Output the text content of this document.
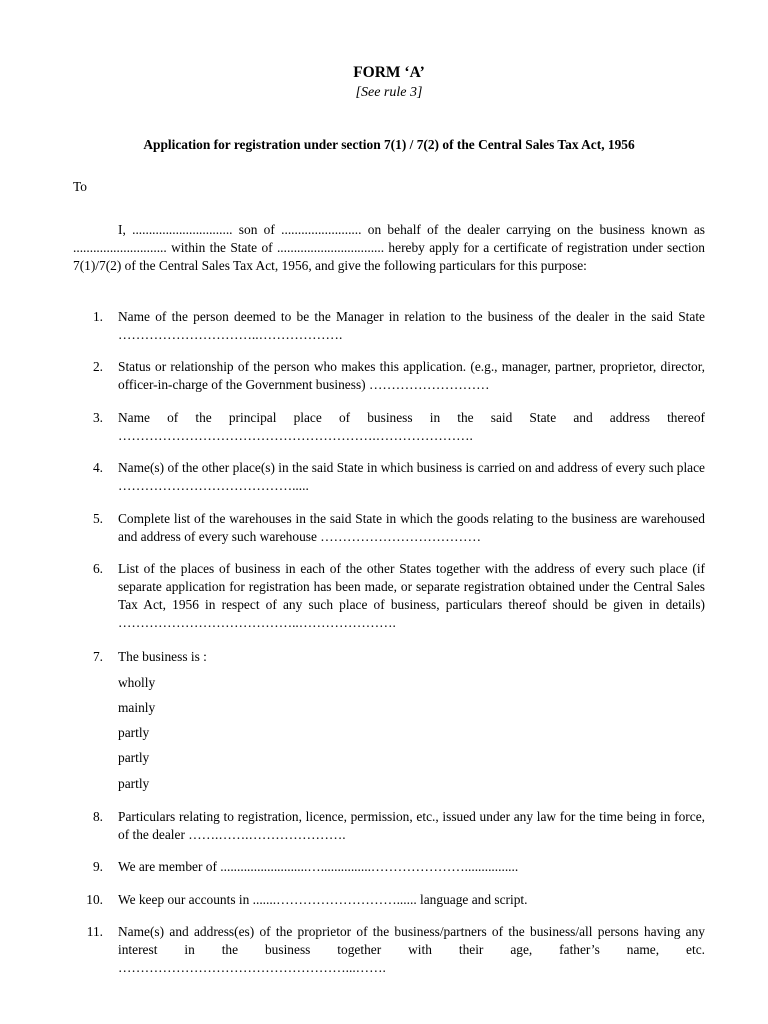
FORM ‘A’
[See rule 3]
Application for registration under section 7(1) / 7(2) of the Central Sales Tax Act, 1956
To
I, .............................. son of ........................ on behalf of the dealer carrying on the business known as ............................ within the State of ................................ hereby apply for a certificate of registration under section 7(1)/7(2) of the Central Sales Tax Act, 1956, and give the following particulars for this purpose:
1. Name of the person deemed to be the Manager in relation to the business of the dealer in the said State …………………………..……………….
2. Status or relationship of the person who makes this application. (e.g., manager, partner, proprietor, director, officer-in-charge of the Government business) ………………………
3. Name of the principal place of business in the said State and address thereof ………………………………………………….………………….
4. Name(s) of the other place(s) in the said State in which business is carried on and address of every such place ………………………………….....
5. Complete list of the warehouses in the said State in which the goods relating to the business are warehoused and address of every such warehouse ………………………………
6. List of the places of business in each of the other States together with the address of every such place (if separate application for registration has been made, or separate registration obtained under the Central Sales Tax Act, 1956 in respect of any such place of business, particulars thereof should be given in details) …………………………………..………………….
7. The business is :
wholly
mainly
partly
partly
partly
8. Particulars relating to registration, licence, permission, etc., issued under any law for the time being in force, of the dealer …….…….………………….
9. We are member of ..........................…...............…………………................
10. We keep our accounts in .......………………………...... language and script.
11. Name(s) and address(es) of the proprietor of the business/partners of the business/all persons having any interest in the business together with their age, father’s name, etc. ……………………………………………...…….
